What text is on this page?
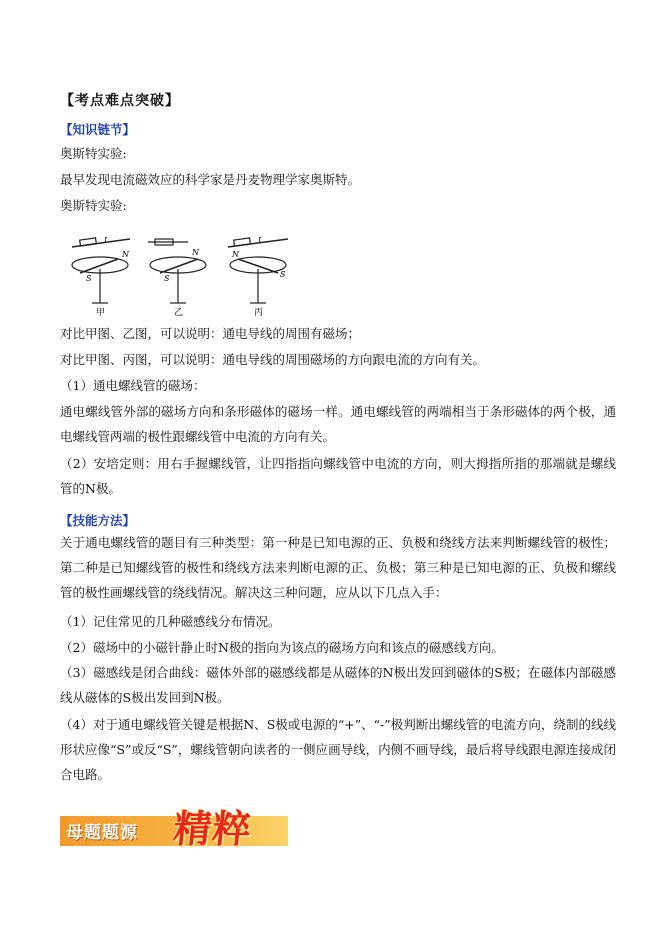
【考点难点突破】
【知识链节】
奥斯特实验:
最早发现电流磁效应的科学家是丹麦物理学家奥斯特。
奥斯特实验:
I
N
S
甲
N
S
乙
I
S
N
丙
对比甲图、乙图，可以说明：通电导线的周围有磁场；
对比甲图、丙图，可以说明：通电导线的周围磁场的方向跟电流的方向有关。
（1）通电螺线管的磁场：
通电螺线管外部的磁场方向和条形磁体的磁场一样。通电螺线管的两端相当于条形磁体的两个极，通电螺线管两端的极性跟螺线管中电流的方向有关。
（2）安培定则：用右手握螺线管，让四指指向螺线管中电流的方向，则大拇指所指的那端就是螺线管的N极。
【技能方法】
关于通电螺线管的题目有三种类型：第一种是已知电源的正、负极和绕线方法来判断螺线管的极性；第二种是已知螺线管的极性和绕线方法来判断电源的正、负极；第三种是已知电源的正、负极和螺线管的极性画螺线管的绕线情况。解决这三种问题，应从以下几点入手：
（1）记住常见的几种磁感线分布情况。
（2）磁场中的小磁针静止时N极的指向为该点的磁场方向和该点的磁感线方向。
（3）磁感线是闭合曲线：磁体外部的磁感线都是从磁体的N极出发回到磁体的S极；在磁体内部磁感线从磁体的S极出发回到N极。
（4）对于通电螺线管关键是根据N、S极或电源的“+”、“-”极判断出螺线管的电流方向，绕制的线线形状应像“S”或反“S”，螺线管朝向读者的一侧应画导线，内侧不画导线，最后将导线跟电源连接成闭合电路。
母题题源 精粹
